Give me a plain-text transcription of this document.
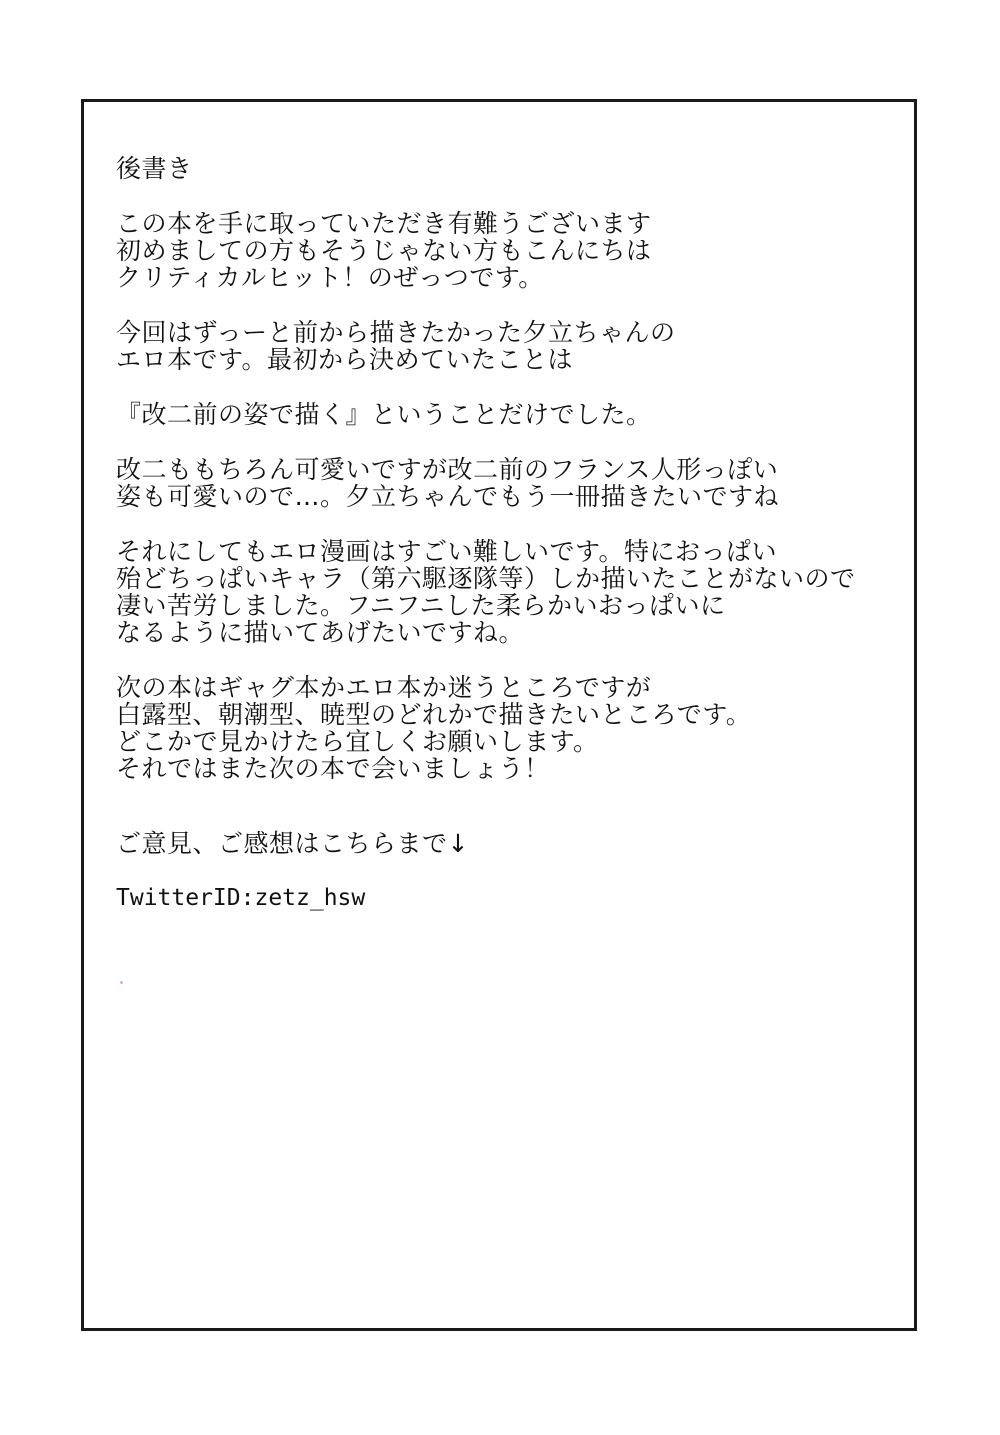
後書き
この本を手に取っていただき有難うございます
初めましての方もそうじゃない方もこんにちは
クリティカルヒット！のぜっつです。
今回はずっーと前から描きたかった夕立ちゃんの
エロ本です。最初から決めていたことは
『改二前の姿で描く』ということだけでした。
改二ももちろん可愛いですが改二前のフランス人形っぽい
姿も可愛いので…。夕立ちゃんでもう一冊描きたいですね
それにしてもエロ漫画はすごい難しいです。特におっぱい
殆どちっぱいキャラ（第六駆逐隊等）しか描いたことがないので
凄い苦労しました。フニフニした柔らかいおっぱいに
なるように描いてあげたいですね。
次の本はギャグ本かエロ本か迷うところですが
白露型、朝潮型、暁型のどれかで描きたいところです。
どこかで見かけたら宜しくお願いします。
それではまた次の本で会いましょう！
ご意見、ご感想はこちらまで↓
TwitterID:zetz_hsw
